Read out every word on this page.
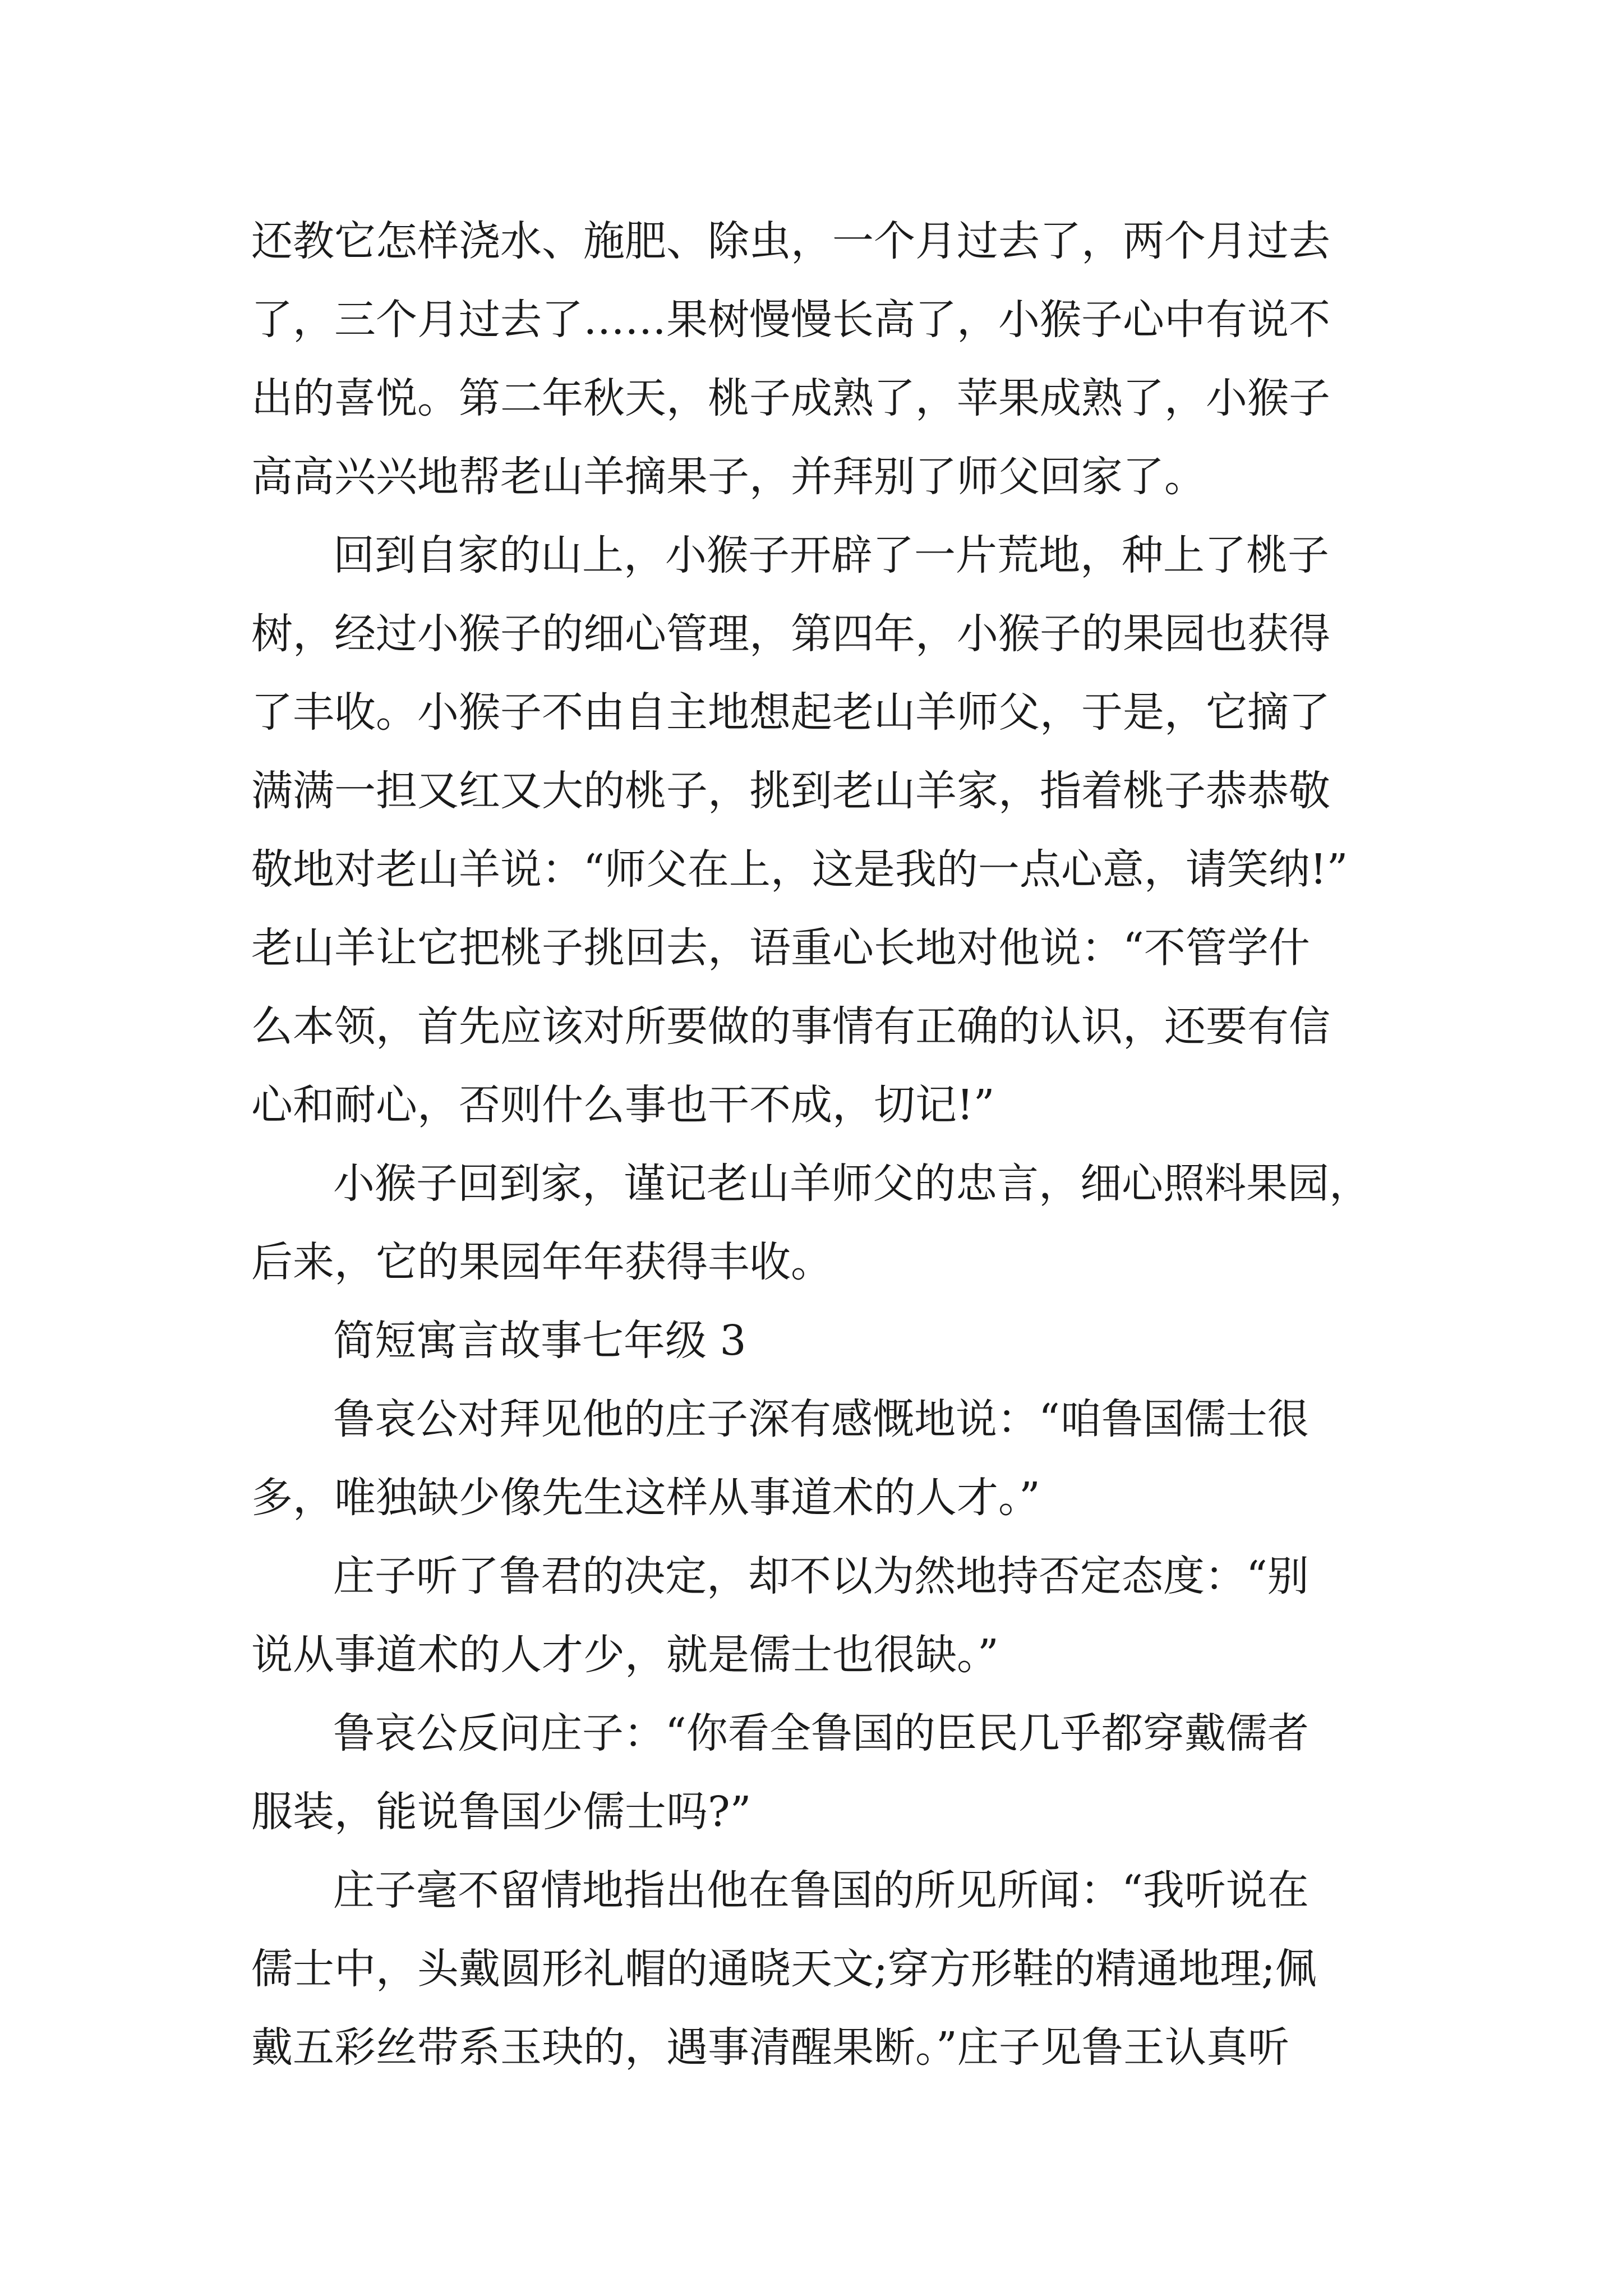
还教它怎样浇水、施肥、除虫，一个月过去了，两个月过去

了，三个月过去了……果树慢慢长高了，小猴子心中有说不

出的喜悦。第二年秋天，桃子成熟了，苹果成熟了，小猴子

高高兴兴地帮老山羊摘果子，并拜别了师父回家了。

回到自家的山上，小猴子开辟了一片荒地，种上了桃子

树，经过小猴子的细心管理，第四年，小猴子的果园也获得

了丰收。小猴子不由自主地想起老山羊师父，于是，它摘了

满满一担又红又大的桃子，挑到老山羊家，指着桃子恭恭敬

敬地对老山羊说：“师父在上，这是我的一点心意，请笑纳!”

老山羊让它把桃子挑回去，语重心长地对他说：“不管学什

么本领，首先应该对所要做的事情有正确的认识，还要有信

心和耐心，否则什么事也干不成，切记!”

小猴子回到家，谨记老山羊师父的忠言，细心照料果园，

后来，它的果园年年获得丰收。

简短寓言故事七年级 3

鲁哀公对拜见他的庄子深有感慨地说：“咱鲁国儒士很

多，唯独缺少像先生这样从事道术的人才。”

庄子听了鲁君的决定，却不以为然地持否定态度：“别

说从事道术的人才少，就是儒士也很缺。”

鲁哀公反问庄子：“你看全鲁国的臣民几乎都穿戴儒者

服装，能说鲁国少儒士吗?”

庄子毫不留情地指出他在鲁国的所见所闻：“我听说在

儒士中，头戴圆形礼帽的通晓天文;穿方形鞋的精通地理;佩

戴五彩丝带系玉玦的，遇事清醒果断。”庄子见鲁王认真听
